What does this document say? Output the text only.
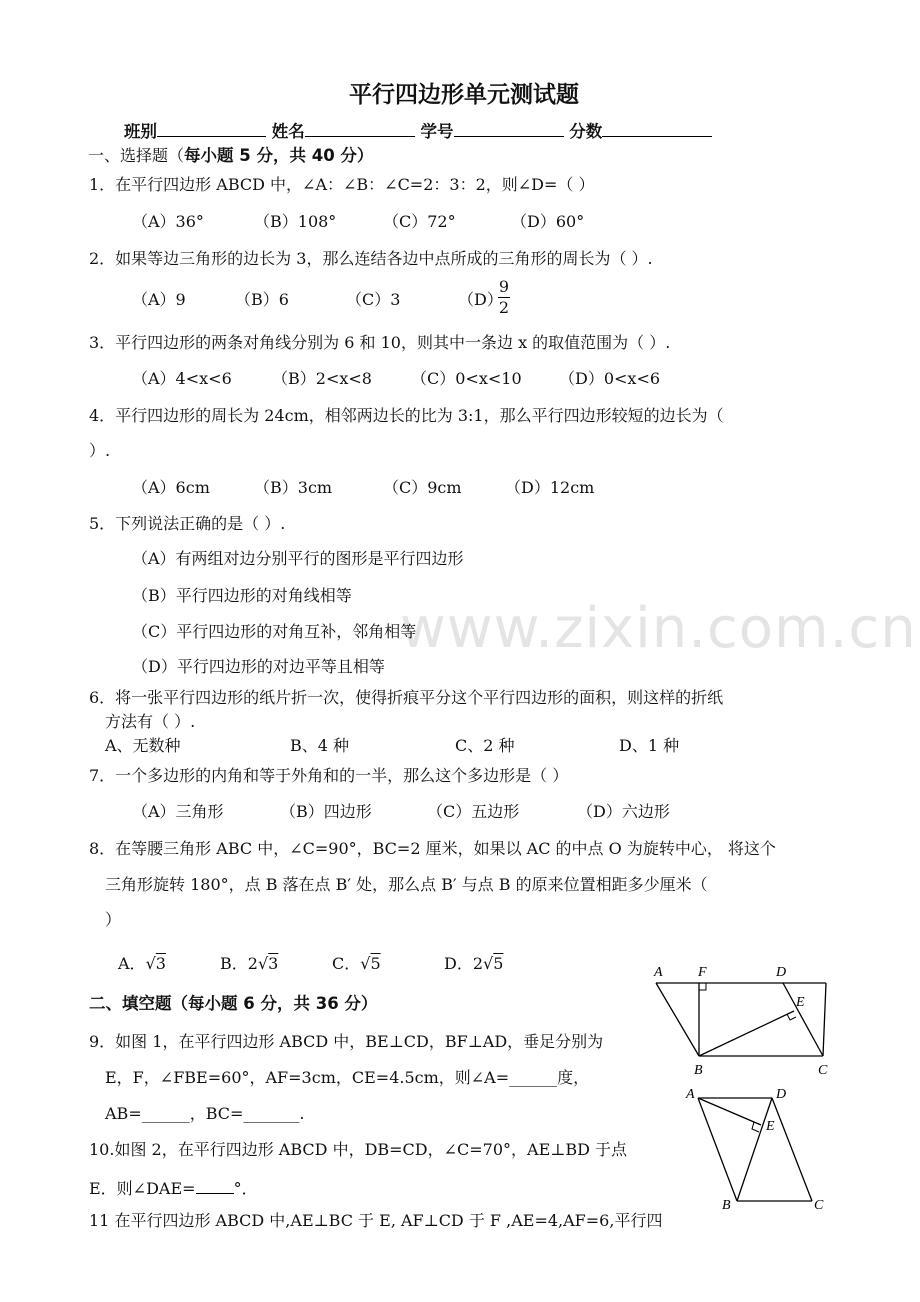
www.zixin.com.cn
平行四边形单元测试题
班别	姓名	学号	分数
一、选择题（每小题 5 分，共 40 分）
1．在平行四边形 ABCD 中，∠A：∠B：∠C=2：3：2，则∠D=（ ）
（A）36°	（B）108°	（C）72°	（D）60°
2．如果等边三角形的边长为 3，那么连结各边中点所成的三角形的周长为（ ）.
（A）9	（B）6	（C）3	（D）
9
2
3．平行四边形的两条对角线分别为 6 和 10，则其中一条边 x 的取值范围为（ ）.
（A）4<x<6	（B）2<x<8 （C）0<x<10 （D）0<x<6
4．平行四边形的周长为 24cm，相邻两边长的比为 3:1，那么平行四边形较短的边长为（
）.
（A）6cm	（B）3cm	（C）9cm	（D）12cm
5．下列说法正确的是（ ）.
（A）有两组对边分别平行的图形是平行四边形
（B）平行四边形的对角线相等
（C）平行四边形的对角互补，邻角相等
（D）平行四边形的对边平等且相等
6．将一张平行四边形的纸片折一次，使得折痕平分这个平行四边形的面积，则这样的折纸
方法有（ ）.
A、无数种	B、4 种	C、2 种	D、1 种
7．一个多边形的内角和等于外角和的一半，那么这个多边形是（ ）
（A）三角形	（B）四边形	（C）五边形	（D）六边形
8．在等腰三角形 ABC 中，∠C=90°，BC=2 厘米，如果以 AC 的中点 O 为旋转中心， 将这个
三角形旋转 180°，点 B 落在点 B′ 处，那么点 B′ 与点 B 的原来位置相距多少厘米（
）
A．√3	B．2√3	C．√5	D．2√5
二、填空题（每小题 6 分，共 36 分）
9．如图 1，在平行四边形 ABCD 中，BE⊥CD，BF⊥AD，垂足分别为
E，F，∠FBE=60°，AF=3cm，CE=4.5cm，则∠A=______度，
AB=______，BC=_______.
10.如图 2，在平行四边形 ABCD 中，DB=CD，∠C=70°，AE⊥BD 于点
E．则∠DAE= °．
11 在平行四边形 ABCD 中,AE⊥BC 于 E, AF⊥CD 于 F ,AE=4,AF=6,平行四
A	F	D
E
B	C
A	D
E
B	C
